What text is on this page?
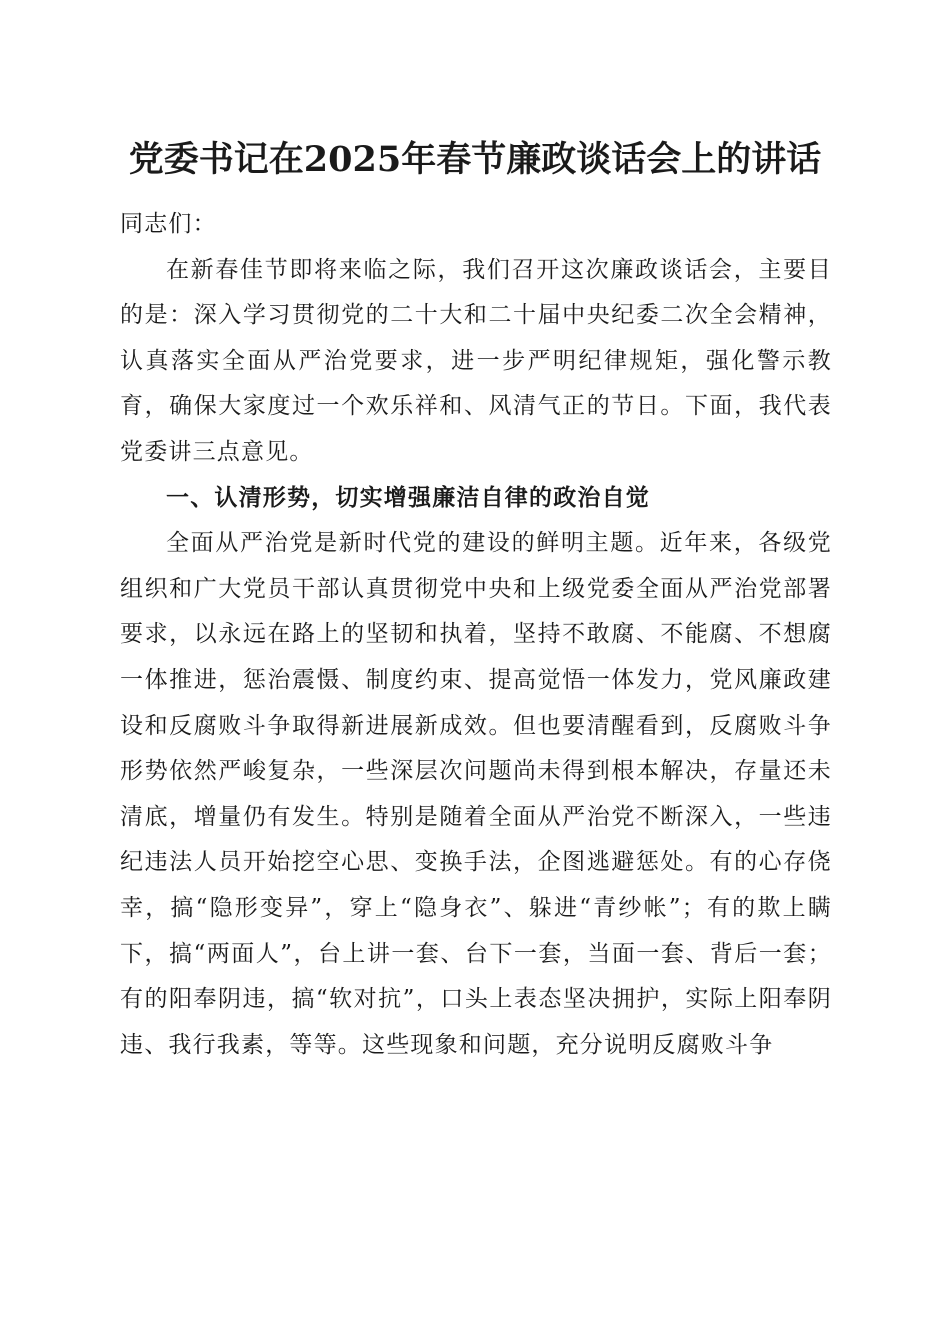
党委书记在2025年春节廉政谈话会上的讲话

同志们：

在新春佳节即将来临之际，我们召开这次廉政谈话会，主要目的是：深入学习贯彻党的二十大和二十届中央纪委二次全会精神，认真落实全面从严治党要求，进一步严明纪律规矩，强化警示教育，确保大家度过一个欢乐祥和、风清气正的节日。下面，我代表党委讲三点意见。

一、认清形势，切实增强廉洁自律的政治自觉

全面从严治党是新时代党的建设的鲜明主题。近年来，各级党组织和广大党员干部认真贯彻党中央和上级党委全面从严治党部署要求，以永远在路上的坚韧和执着，坚持不敢腐、不能腐、不想腐一体推进，惩治震慑、制度约束、提高觉悟一体发力，党风廉政建设和反腐败斗争取得新进展新成效。但也要清醒看到，反腐败斗争形势依然严峻复杂，一些深层次问题尚未得到根本解决，存量还未清底，增量仍有发生。特别是随着全面从严治党不断深入，一些违纪违法人员开始挖空心思、变换手法，企图逃避惩处。有的心存侥幸，搞“隐形变异”，穿上“隐身衣”、躲进“青纱帐”；有的欺上瞒下，搞“两面人”，台上讲一套、台下一套，当面一套、背后一套；有的阳奉阴违，搞“软对抗”，口头上表态坚决拥护，实际上阳奉阴违、我行我素，等等。这些现象和问题，充分说明反腐败斗争
